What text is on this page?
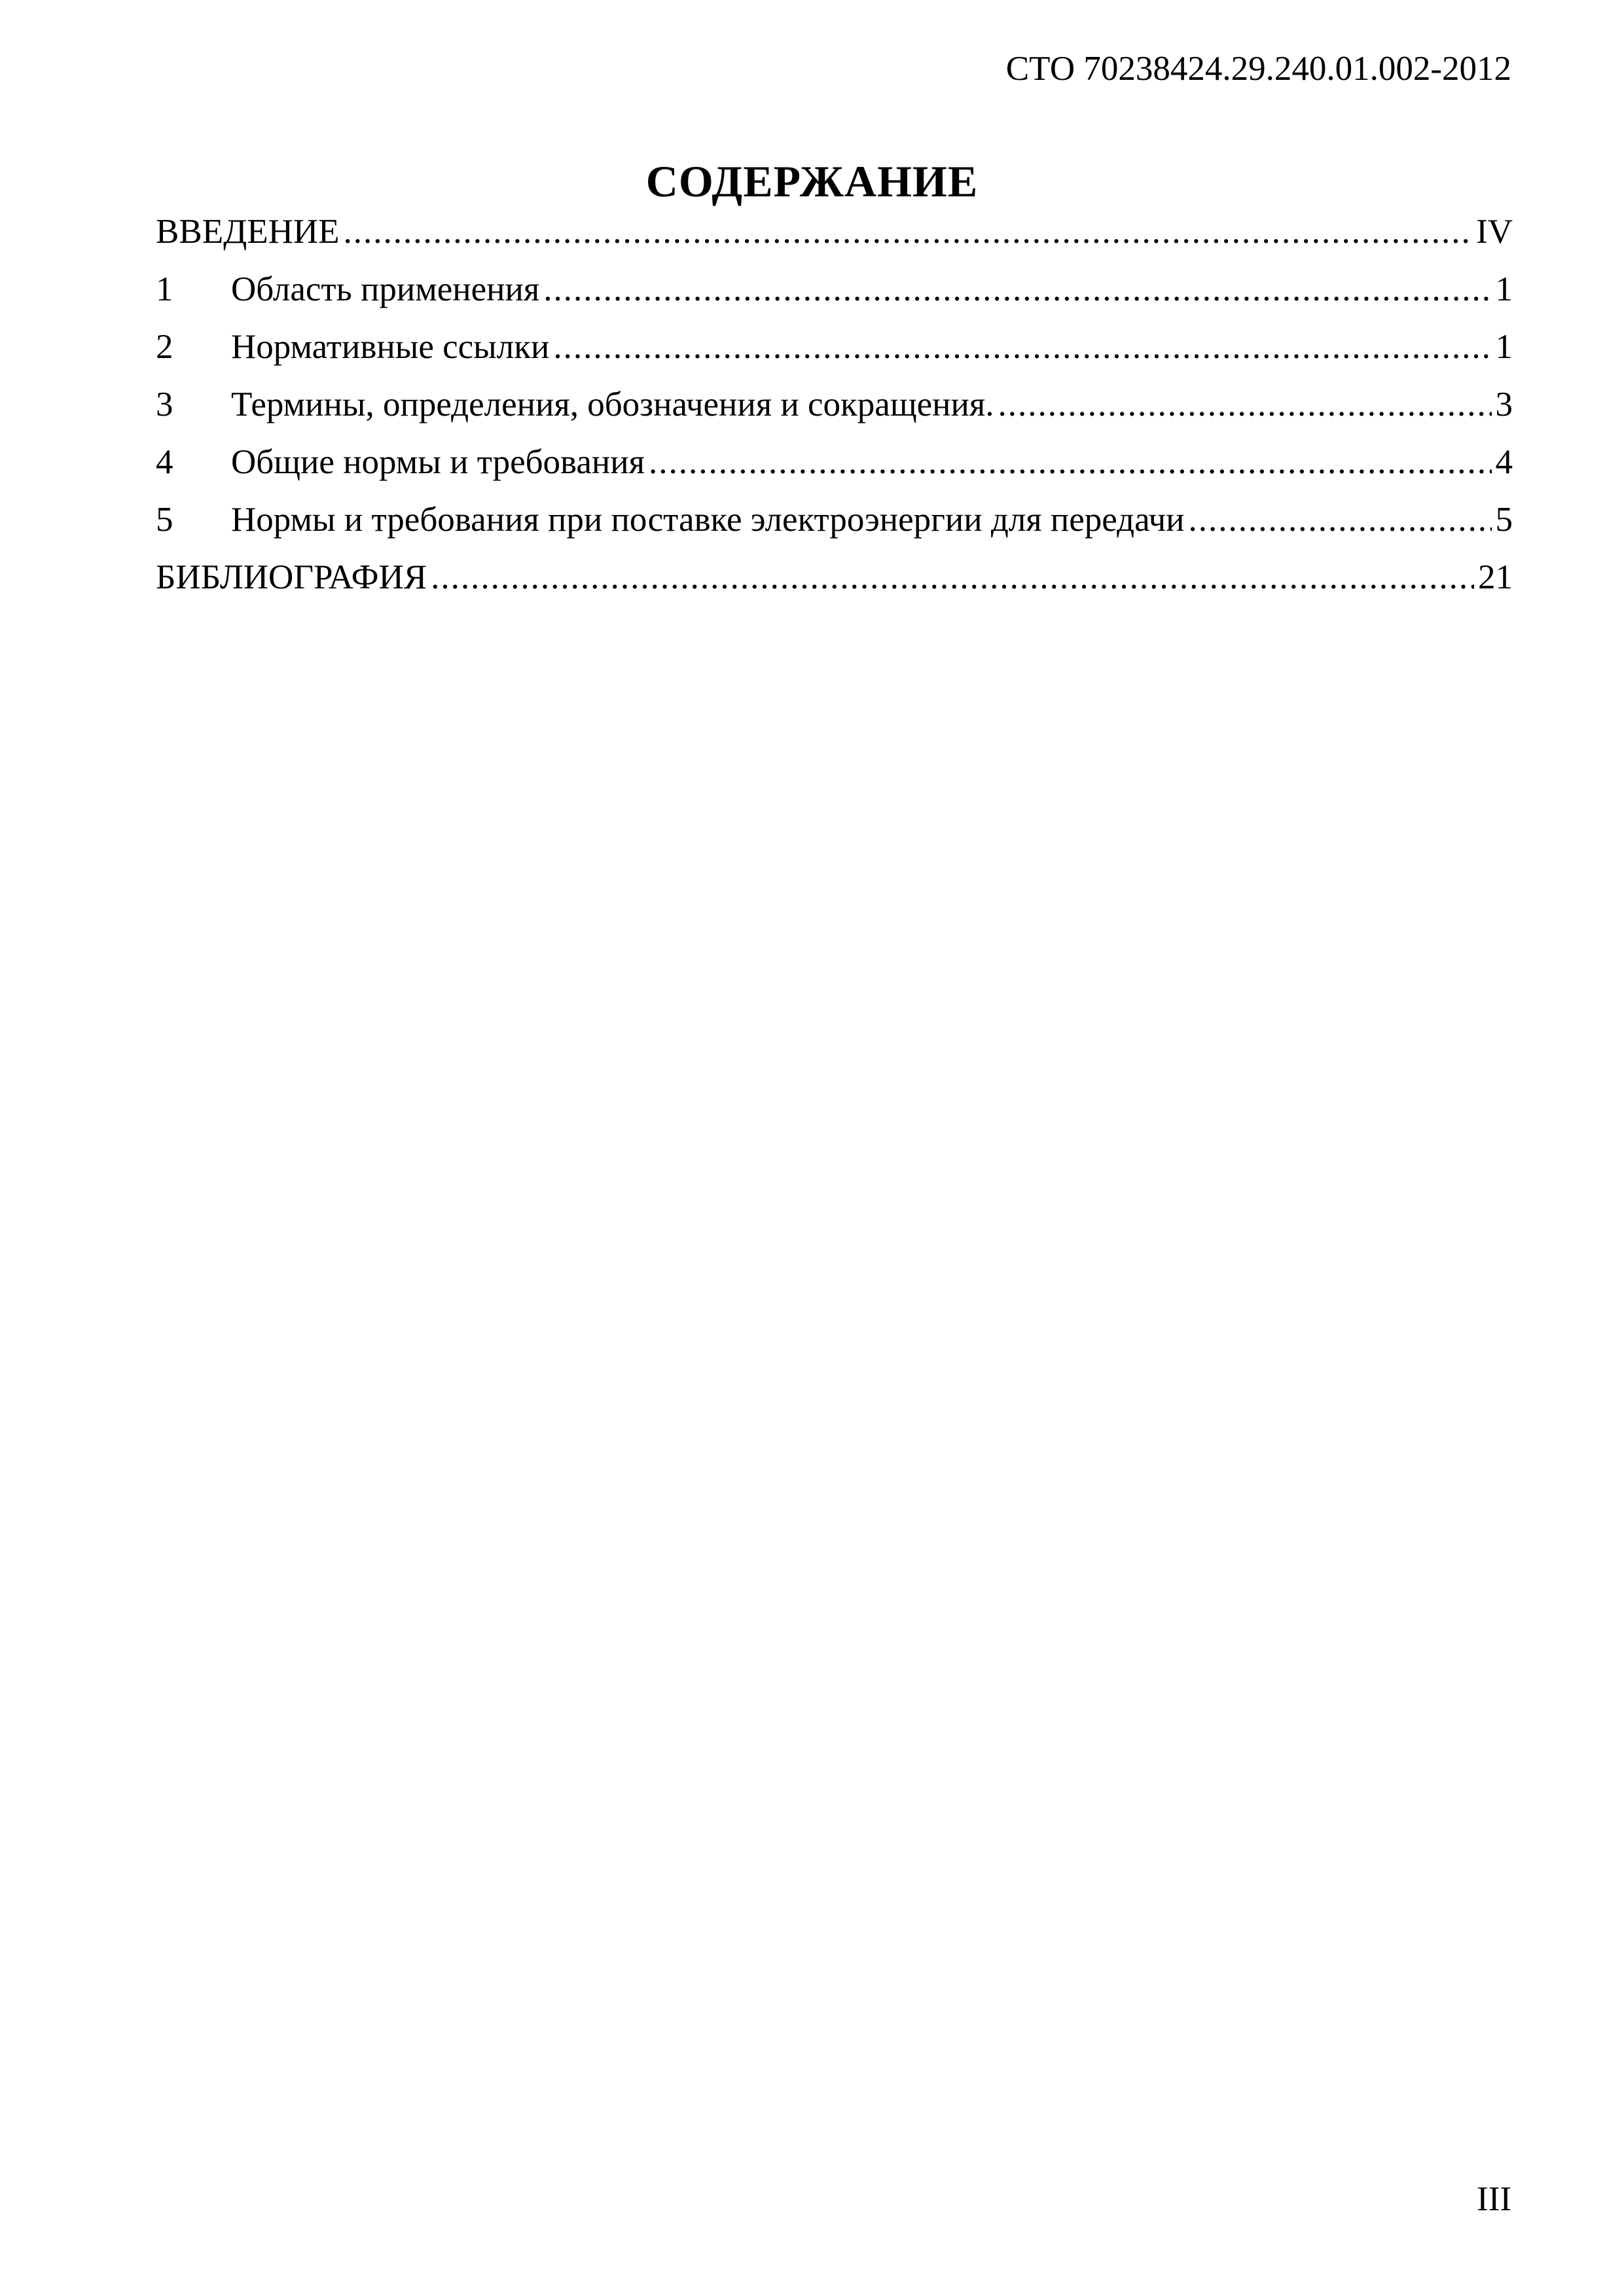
СТО 70238424.29.240.01.002-2012
СОДЕРЖАНИЕ
ВВЕДЕНИЕ .....	IV
1	Область применения .....	1
2	Нормативные ссылки .....	1
3	Термины, определения, обозначения и сокращения. .....	3
4	Общие нормы и требования .....	4
5	Нормы и требования при поставке электроэнергии для передачи .....	5
БИБЛИОГРАФИЯ .....	21
III
